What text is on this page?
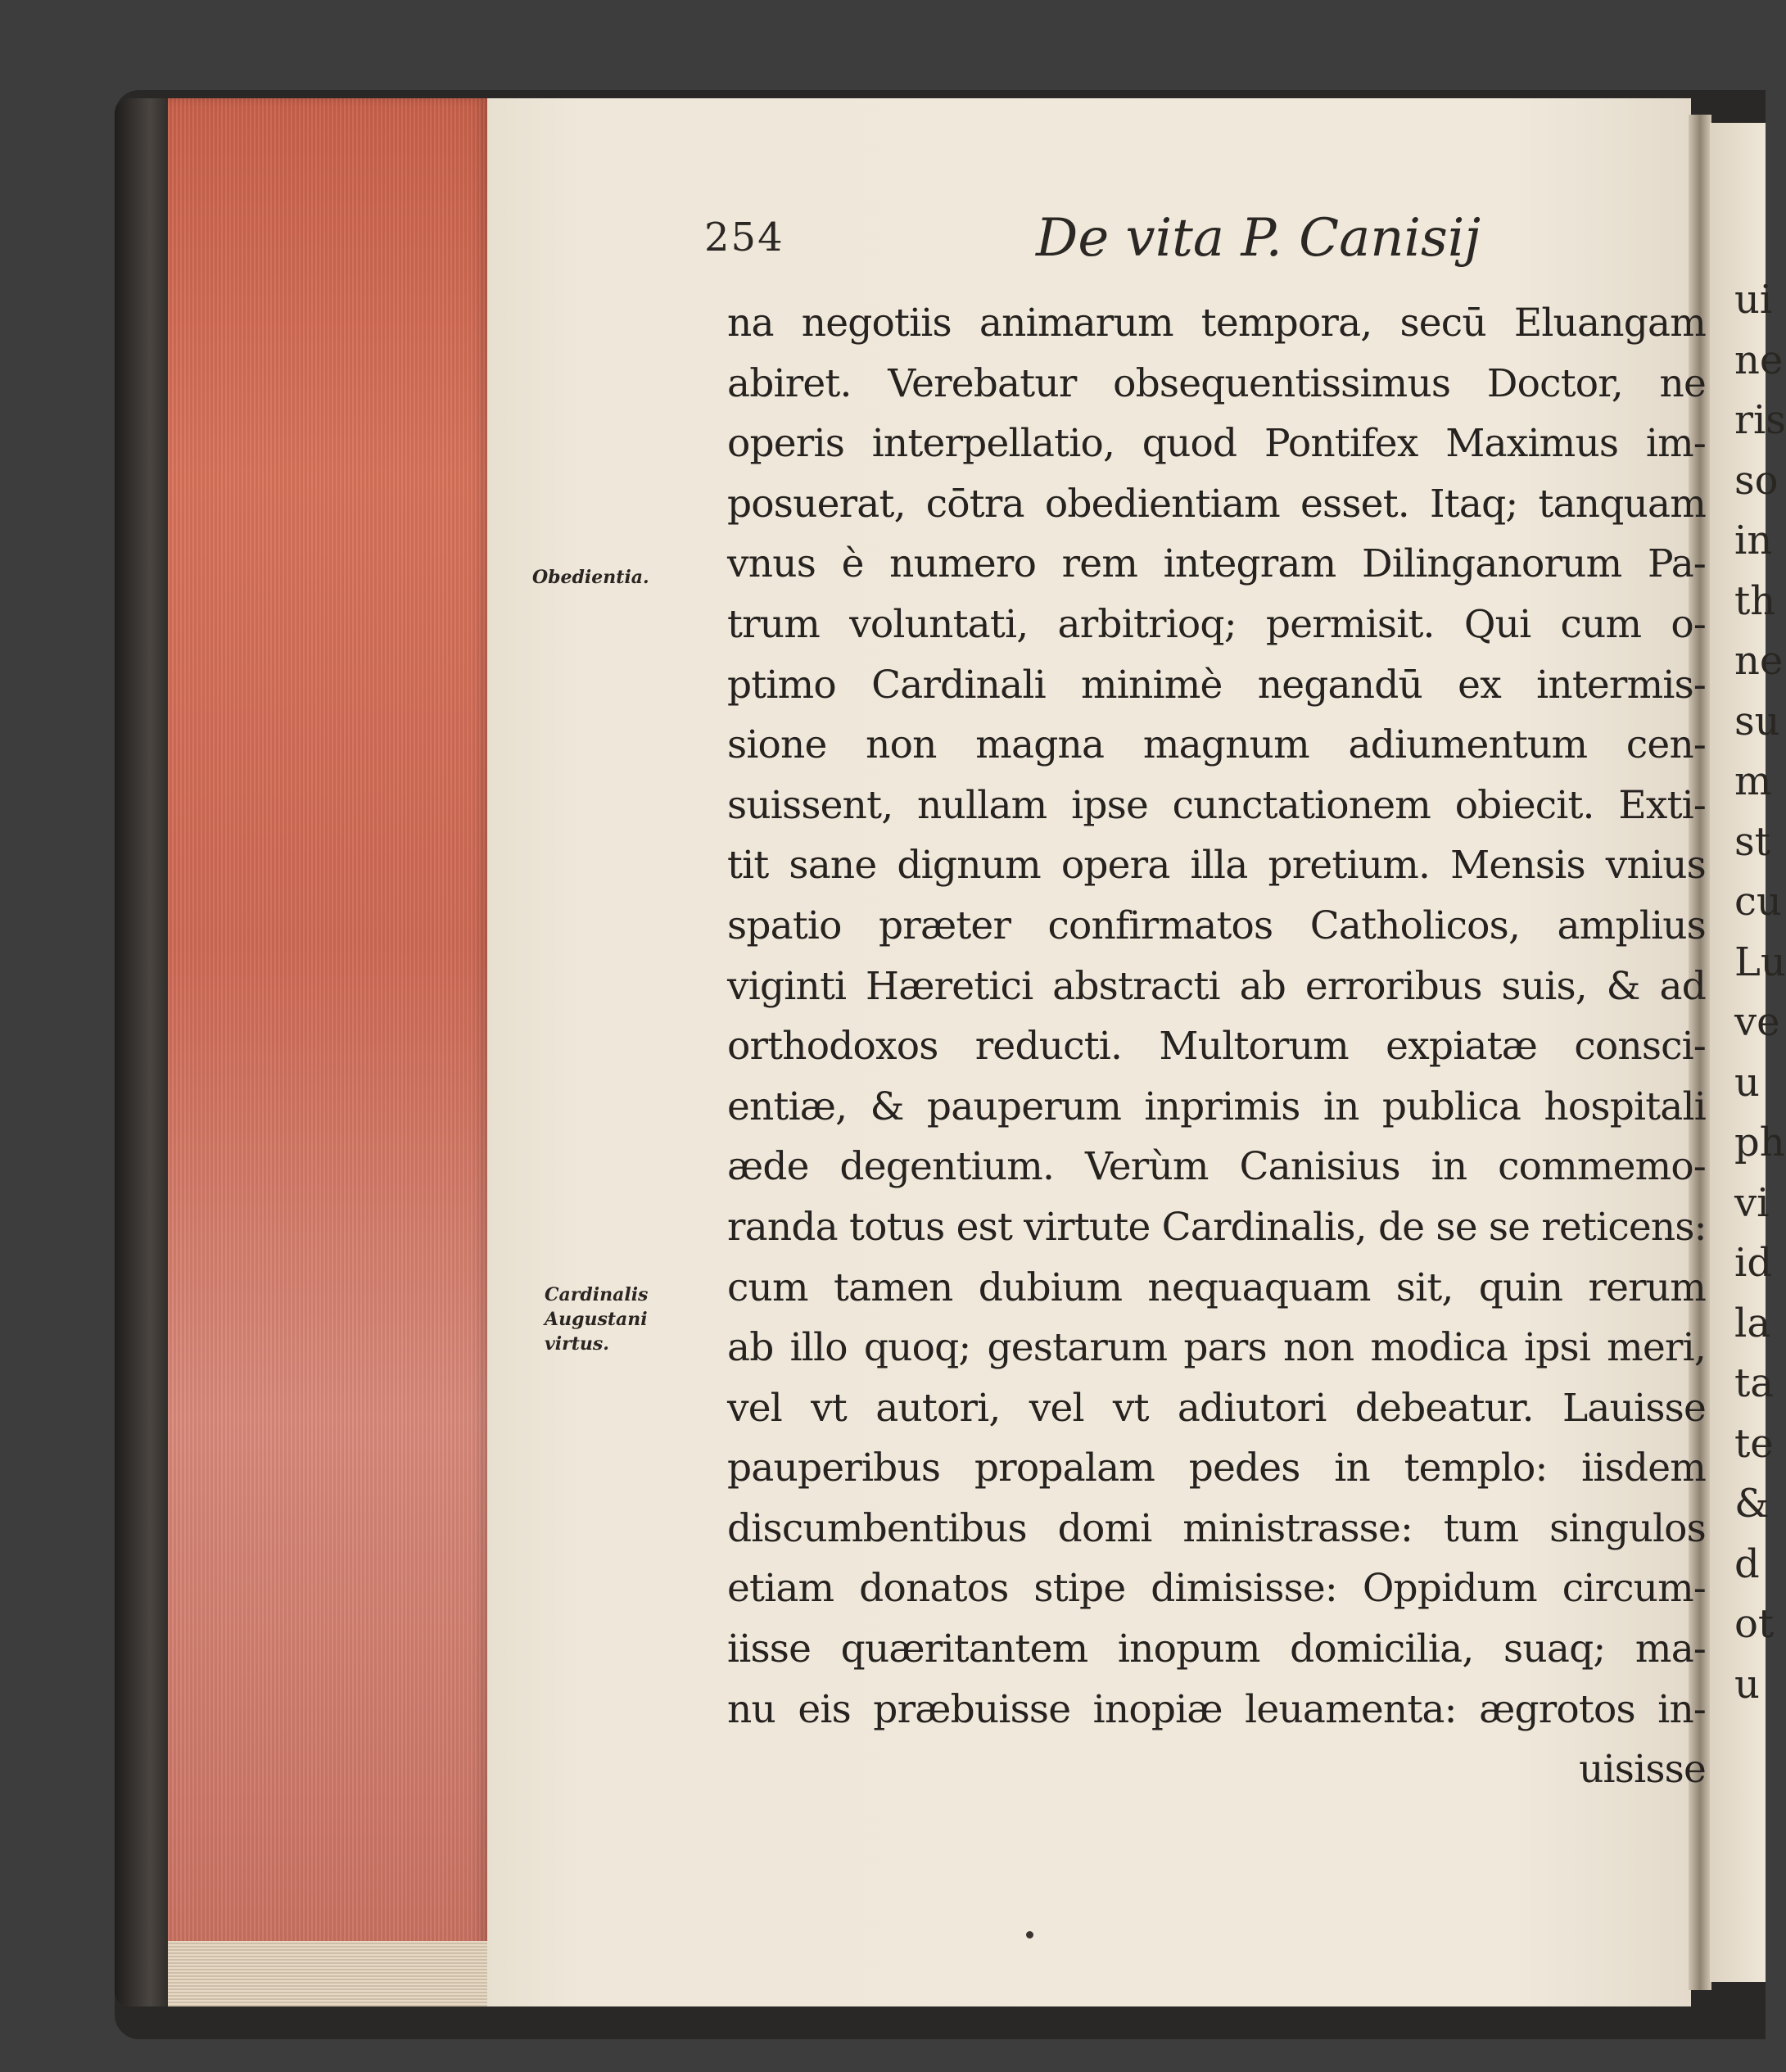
ui
ne
ris
so
in
th
ne
su
m
st
cu
Lu
ve
u
ph
vi
id
la
ta
te
&
d
ot
u
254	De vita P. Canisij
Obedientia.
Cardinalis
Augustani
virtus.
na negotiis animarum tempora, secū Eluangam
abiret. Verebatur obsequentissimus Doctor, ne
operis interpellatio, quod Pontifex Maximus im-
posuerat, cōtra obedientiam esset. Itaq; tanquam
vnus è numero rem integram Dilinganorum Pa-
trum voluntati, arbitrioq; permisit. Qui cum o-
ptimo Cardinali minimè negandū ex intermis-
sione non magna magnum adiumentum cen-
suissent, nullam ipse cunctationem obiecit. Exti-
tit sane dignum opera illa pretium. Mensis vnius
spatio præter confirmatos Catholicos, amplius
viginti Hæretici abstracti ab erroribus suis, & ad
orthodoxos reducti. Multorum expiatæ consci-
entiæ, & pauperum inprimis in publica hospitali
æde degentium. Verùm Canisius in commemo-
randa totus est virtute Cardinalis, de se se reticens:
cum tamen dubium nequaquam sit, quin rerum
ab illo quoq; gestarum pars non modica ipsi meri,
vel vt autori, vel vt adiutori debeatur. Lauisse
pauperibus propalam pedes in templo: iisdem
discumbentibus domi ministrasse: tum singulos
etiam donatos stipe dimisisse: Oppidum circum-
iisse quæritantem inopum domicilia, suaq; ma-
nu eis præbuisse inopiæ leuamenta: ægrotos in-
uisisse
